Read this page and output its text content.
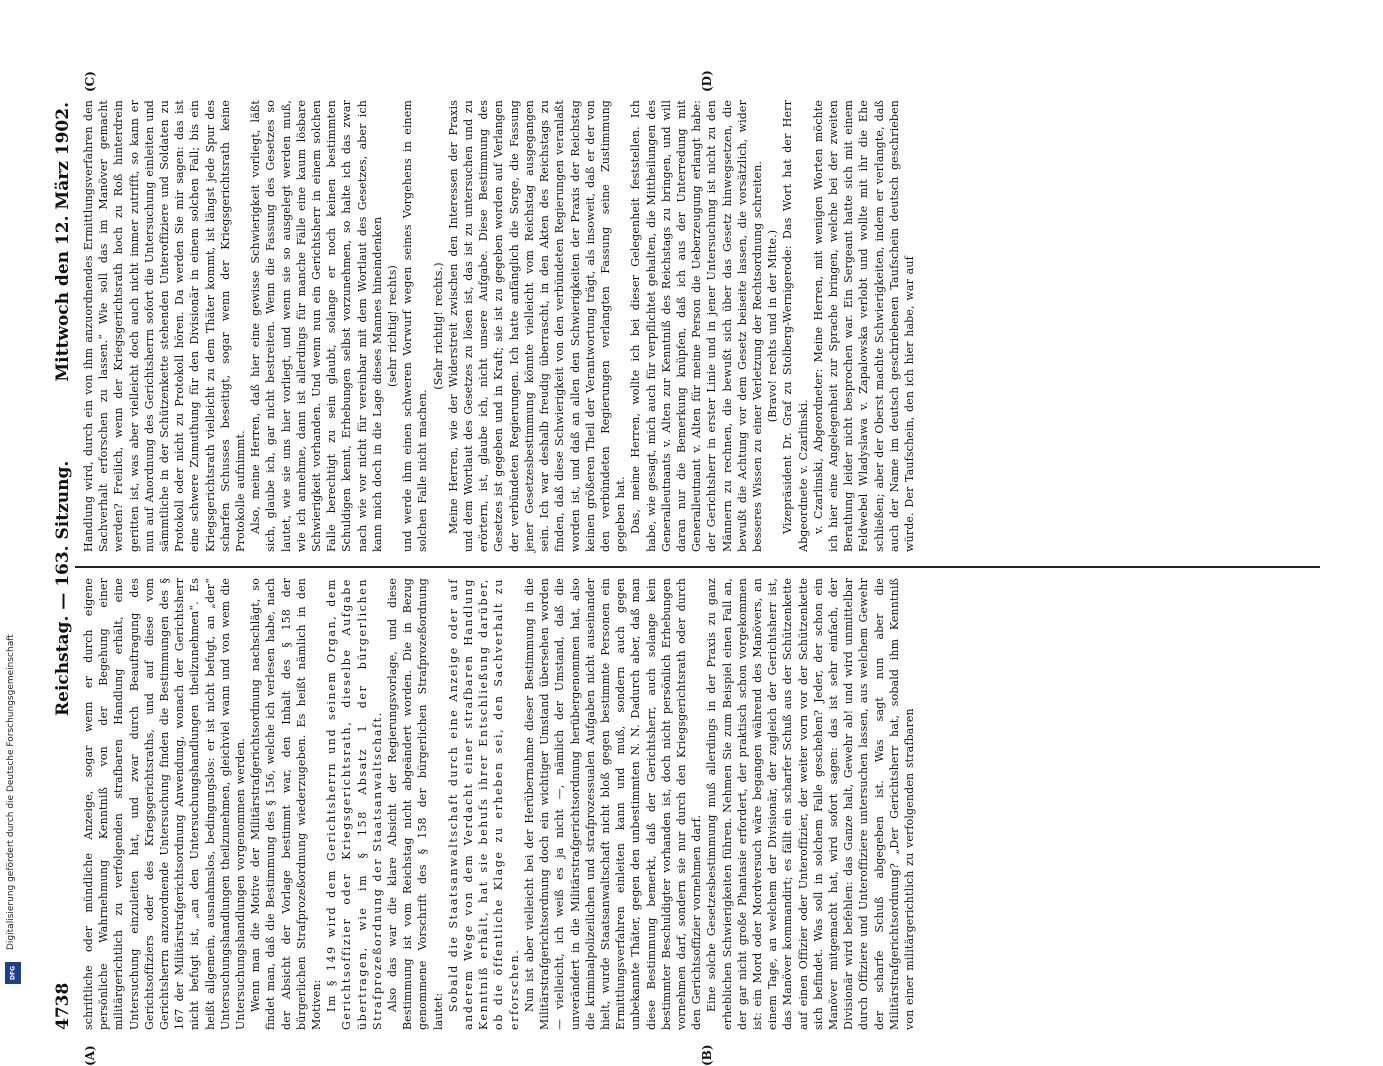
4738
Reichstag. — 163. Sitzung.
Mittwoch den 12. März 1902.
(A)	(B)
(C)	(D)

schriftliche oder mündliche Anzeige, sogar wenn er durch eigene persönliche Wahrnehmung Kenntniß von der Begehung einer militärgerichtlich zu verfolgenden strafbaren Handlung erhält, eine Untersuchung einzuleiten hat, und zwar durch Beauftragung des Gerichtsoffiziers oder des Kriegsgerichtsraths, und auf diese vom Gerichtsherrn anzuordnende Untersuchung finden die Bestimmungen des § 167 der Militärstrafgerichtsordnung Anwendung, wonach der Gerichtsherr nicht befugt ist, „an den Untersuchungshandlungen theilzunehmen“. Es heißt allgemein, ausnahmslos, bedingungslos: er ist nicht befugt, an „der“ Untersuchungshandlungen theilzunehmen, gleichviel wann und von wem die Untersuchungshandlungen vorgenommen werden. Wenn man die Motive der Militärstrafgerichtsordnung nachschlägt, so findet man, daß die Bestimmung des § 156, welche ich verlesen habe, nach der Absicht der Vorlage bestimmt war, den Inhalt des § 158 der bürgerlichen Strafprozeßordnung wiederzugeben. Es heißt nämlich in den Motiven: Im § 149 wird dem Gerichtsherrn und seinem Organ, dem Gerichtsoffizier oder Kriegsgerichtsrath, dieselbe Aufgabe übertragen, wie im § 158 Absatz 1 der bürgerlichen Strafprozeßordnung der Staatsanwaltschaft. Also das war die klare Absicht der Regierungsvorlage, und diese Bestimmung ist vom Reichstag nicht abgeändert worden. Die in Bezug genommene Vorschrift des § 158 der bürgerlichen Strafprozeßordnung lautet: Sobald die Staatsanwaltschaft durch eine Anzeige oder auf anderem Wege von dem Verdacht einer strafbaren Handlung Kenntniß erhält, hat sie behufs ihrer Entschließung darüber, ob die öffentliche Klage zu erheben sei, den Sachverhalt zu erforschen. Nun ist aber vielleicht bei der Herübernahme dieser Bestimmung in die Militärstrafgerichtsordnung doch ein wichtiger Umstand übersehen worden — vielleicht, ich weiß es ja nicht —, nämlich der Umstand, daß die unverändert in die Militärstrafgerichtsordnung herübergenommen hat, also die kriminalpolizeilichen und strafprozessualen Aufgaben nicht auseinander hielt, wurde Staatsanwaltschaft nicht bloß gegen bestimmte Personen ein Ermittlungsverfahren einleiten kann und muß, sondern auch gegen unbekannte Thäter, gegen den unbestimmten N. N. Dadurch aber, daß man diese Bestimmung bemerkt, daß der Gerichtsherr, auch solange kein bestimmter Beschuldigter vorhanden ist, doch nicht persönlich Erhebungen vornehmen darf, sondern sie nur durch den Kriegsgerichtsrath oder durch den Gerichtsoffizier vornehmen darf. Eine solche Gesetzesbestimmung muß allerdings in der Praxis zu ganz erheblichen Schwierigkeiten führen. Nehmen Sie zum Beispiel einen Fall an, der gar nicht große Phantasie erfordert, der praktisch schon vorgekommen ist: ein Mord oder Mordversuch wäre begangen während des Manövers, an einem Tage, an welchem der Divisionär, der zugleich der Gerichtsherr ist, das Manöver kommandirt; es fällt ein scharfer Schuß aus der Schützenkette auf einen Offizier oder Unteroffizier, der weiter vorn vor der Schützenkette sich befindet. Was soll in solchem Falle geschehen? Jeder, der schon ein Manöver mitgemacht hat, wird sofort sagen: das ist sehr einfach, der Divisionär wird befehlen: das Ganze halt, Gewehr ab! und wird unmittelbar durch Offiziere und Unteroffiziere untersuchen lassen, aus welchem Gewehr der scharfe Schuß abgegeben ist. Was sagt nun aber die Militärstrafgerichtsordnung? „Der Gerichtsherr hat, sobald ihm Kenntniß von einer militärgerichtlich zu verfolgenden strafbaren

Handlung wird, durch ein von ihm anzuordnendes Ermittlungsverfahren den Sachverhalt erforschen zu lassen.“ Wie soll das im Manöver gemacht werden? Freilich, wenn der Kriegsgerichtsrath hoch zu Roß hinterdrein geritten ist, was aber vielleicht doch auch nicht immer zutrifft, so kann er nun auf Anordnung des Gerichtsherrn sofort die Untersuchung einleiten und sämmtliche in der Schützenkette stehenden Unteroffiziere und Soldaten zu Protokoll oder nicht zu Protokoll hören. Da werden Sie mir sagen: das ist eine schwere Zumuthung für den Divisionär in einem solchen Fall; bis ein Kriegsgerichtsrath vielleicht zu dem Thäter kommt, ist längst jede Spur des scharfen Schusses beseitigt, sogar wenn der Kriegsgerichtsrath keine Protokolle aufnimmt. Also, meine Herren, daß hier eine gewisse Schwierigkeit vorliegt, läßt sich, glaube ich, gar nicht bestreiten. Wenn die Fassung des Gesetzes so lautet, wie sie uns hier vorliegt, und wenn sie so ausgelegt werden muß, wie ich annehme, dann ist allerdings für manche Fälle eine kaum lösbare Schwierigkeit vorhanden. Und wenn nun ein Gerichtsherr in einem solchen Falle berechtigt zu sein glaubt, solange er noch keinen bestimmten Schuldigen kennt, Erhebungen selbst vorzunehmen, so halte ich das zwar nach wie vor nicht für vereinbar mit dem Wortlaut des Gesetzes, aber ich kann mich doch in die Lage dieses Mannes hineindenken (sehr richtig! rechts) und werde ihm einen schweren Vorwurf wegen seines Vorgehens in einem solchen Falle nicht machen.

(Sehr richtig! rechts.) Meine Herren, wie der Widerstreit zwischen den Interessen der Praxis und dem Wortlaut des Gesetzes zu lösen ist, das ist zu untersuchen und zu erörtern, ist, glaube ich, nicht unsere Aufgabe. Diese Bestimmung des Gesetzes ist gegeben und in Kraft; sie ist zu gegeben worden auf Verlangen der verbündeten Regierungen. Ich hatte anfänglich die Sorge, die Fassung jener Gesetzesbestimmung könnte vielleicht vom Reichstag ausgegangen sein. Ich war deshalb freudig überrascht, in den Akten des Reichstags zu finden, daß diese Schwierigkeit von den verbündeten Regierungen veranlaßt worden ist, und daß an allen den Schwierigkeiten der Praxis der Reichstag keinen größeren Theil der Verantwortung trägt, als insoweit, daß er der von den verbündeten Regierungen verlangten Fassung seine Zustimmung gegeben hat. Das, meine Herren, wollte ich bei dieser Gelegenheit feststellen. Ich habe, wie gesagt, mich auch für verpflichtet gehalten, die Mittheilungen des Generalleutnants v. Alten zur Kenntniß des Reichstags zu bringen, und will daran nur die Bemerkung knüpfen, daß ich aus der Unterredung mit Generalleutnant v. Alten für meine Person die Ueberzeugung erlangt habe: der Gerichtsherr in erster Linie und in jener Untersuchung ist nicht zu den Männern zu rechnen, die bewußt sich über das Gesetz hinwegsetzen, die bewußt die Achtung vor dem Gesetz beiseite lassen, die vorsätzlich, wider besseres Wissen zu einer Verletzung der Rechtsordnung schreiten. (Bravo! rechts und in der Mitte.) Vizepräsident Dr. Graf zu Stolberg-Wernigerode: Das Wort hat der Herr Abgeordnete v. Czarlinski. v. Czarlinski, Abgeordneter: Meine Herren, mit wenigen Worten möchte ich hier eine Angelegenheit zur Sprache bringen, welche bei der zweiten Berathung leider nicht besprochen war. Ein Sergeant hatte sich mit einem Feldwebel Wladyslawa v. Zapalowska verlobt und wollte mit ihr die Ehe schließen; aber der Oberst machte Schwierigkeiten, indem er verlangte, daß auch der Name im deutsch geschriebenen Taufschein deutsch geschrieben würde. Der Taufschein, den ich hier habe, war auf

Digitalisierung gefördert durch die Deutsche Forschungsgemeinschaft
DFG
